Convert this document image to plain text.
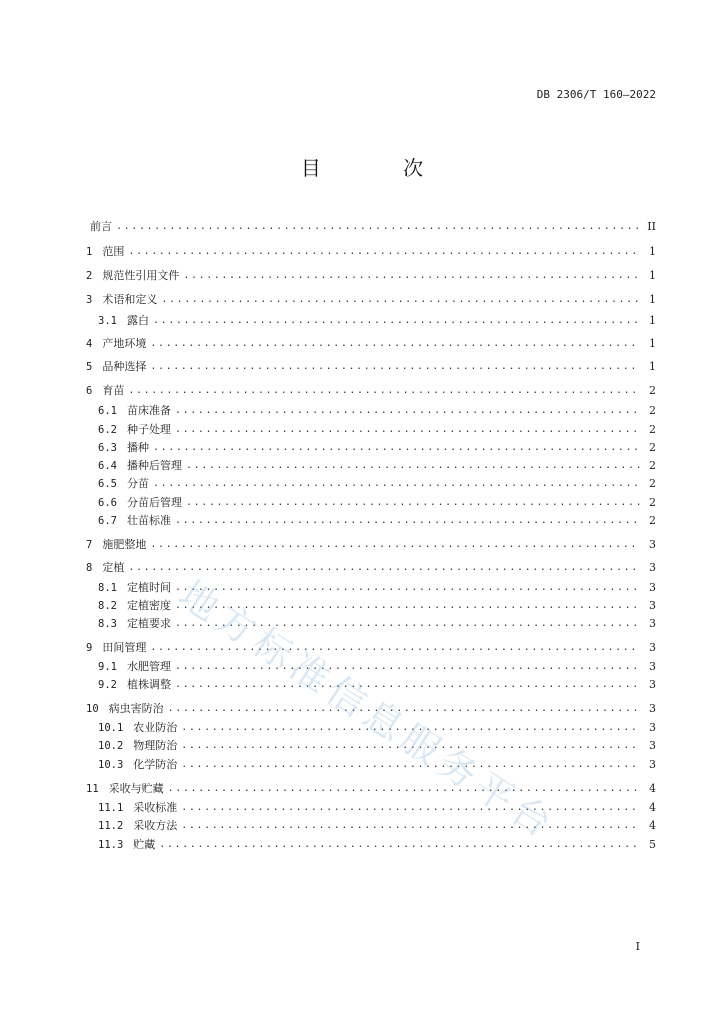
DB 2306/T 160—2022
目 次
前言 .....	II
1 范围 .....	1
2 规范性引用文件 .....	1
3 术语和定义 .....	1
3.1 露白 .....	1
4 产地环境 .....	1
5 品种选择 .....	1
6 育苗 .....	2
6.1 苗床准备 .....	2
6.2 种子处理 .....	2
6.3 播种 .....	2
6.4 播种后管理 .....	2
6.5 分苗 .....	2
6.6 分苗后管理 .....	2
6.7 壮苗标准 .....	2
7 施肥整地 .....	3
8 定植 .....	3
8.1 定植时间 .....	3
8.2 定植密度 .....	3
8.3 定植要求 .....	3
9 田间管理 .....	3
9.1 水肥管理 .....	3
9.2 植株调整 .....	3
10 病虫害防治 .....	3
10.1 农业防治 .....	3
10.2 物理防治 .....	3
10.3 化学防治 .....	3
11 采收与贮藏 .....	4
11.1 采收标准 .....	4
11.2 采收方法 .....	4
11.3 贮藏 .....	5
地方标准信息服务平台
I
